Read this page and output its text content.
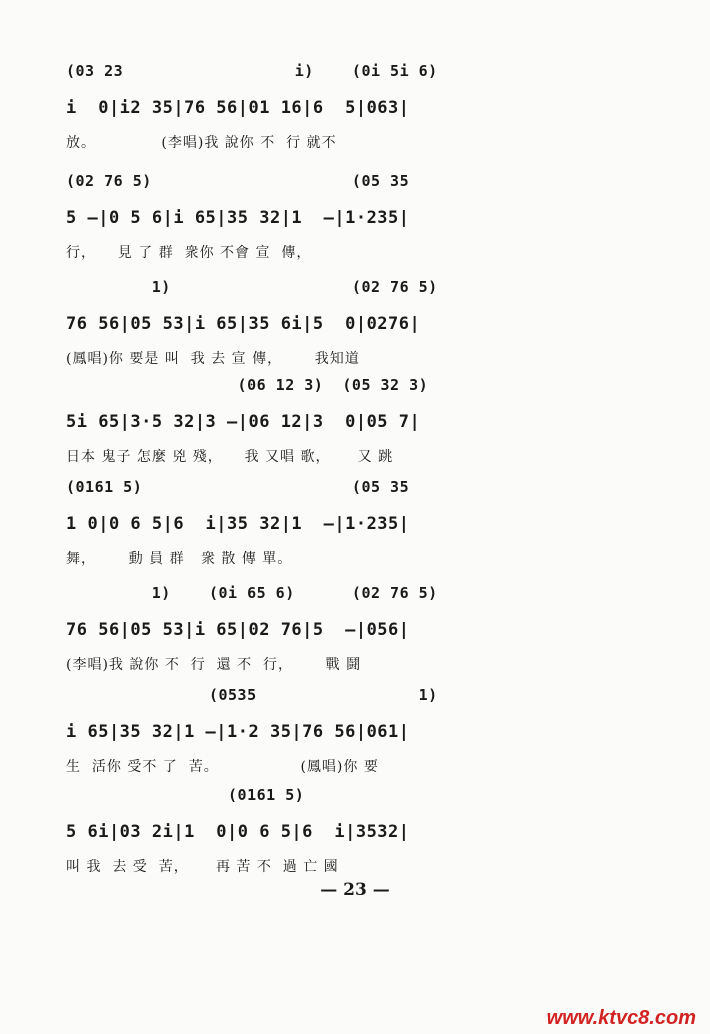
(03 23                  i)    (0i 5i 6)
i  0|i2 35|76 56|01 16|6  5|063|
放。            (李唱)我 說你 不  行 就不
(02 76 5)                     (05 35
5 —|0 5 6|i 65|35 32|1  —|1·235|
行，    見 了 群  衆你 不會 宣  傳，
1)                   (02 76 5)
76 56|05 53|i 65|35 6i|5  0|0276|
(鳳唱)你 要是 叫  我 去 宣 傳，      我知道
(06 12 3)  (05 32 3)
5i 65|3·5 32|3 —|06 12|3  0|05 7|
日本 鬼子 怎麼 兇 殘，    我 又唱 歌，     又 跳
(0161 5)                      (05 35
1 0|0 6 5|6  i|35 32|1  —|1·235|
舞，      動 員 群   衆 散 傳 單。
1)    (0i 65 6)      (02 76 5)
76 56|05 53|i 65|02 76|5  —|056|
(李唱)我 說你 不  行  還 不  行，      戰 鬪
(0535                 1)
i 65|35 32|1 —|1·2 35|76 56|061|
生  活你 受不 了  苦。               (鳳唱)你 要
(0161 5)
5 6i|03 2i|1  0|0 6 5|6  i|3532|
叫 我  去 受  苦，     再 苦 不  過 亡 國
— 23 —
www.ktvc8.com
